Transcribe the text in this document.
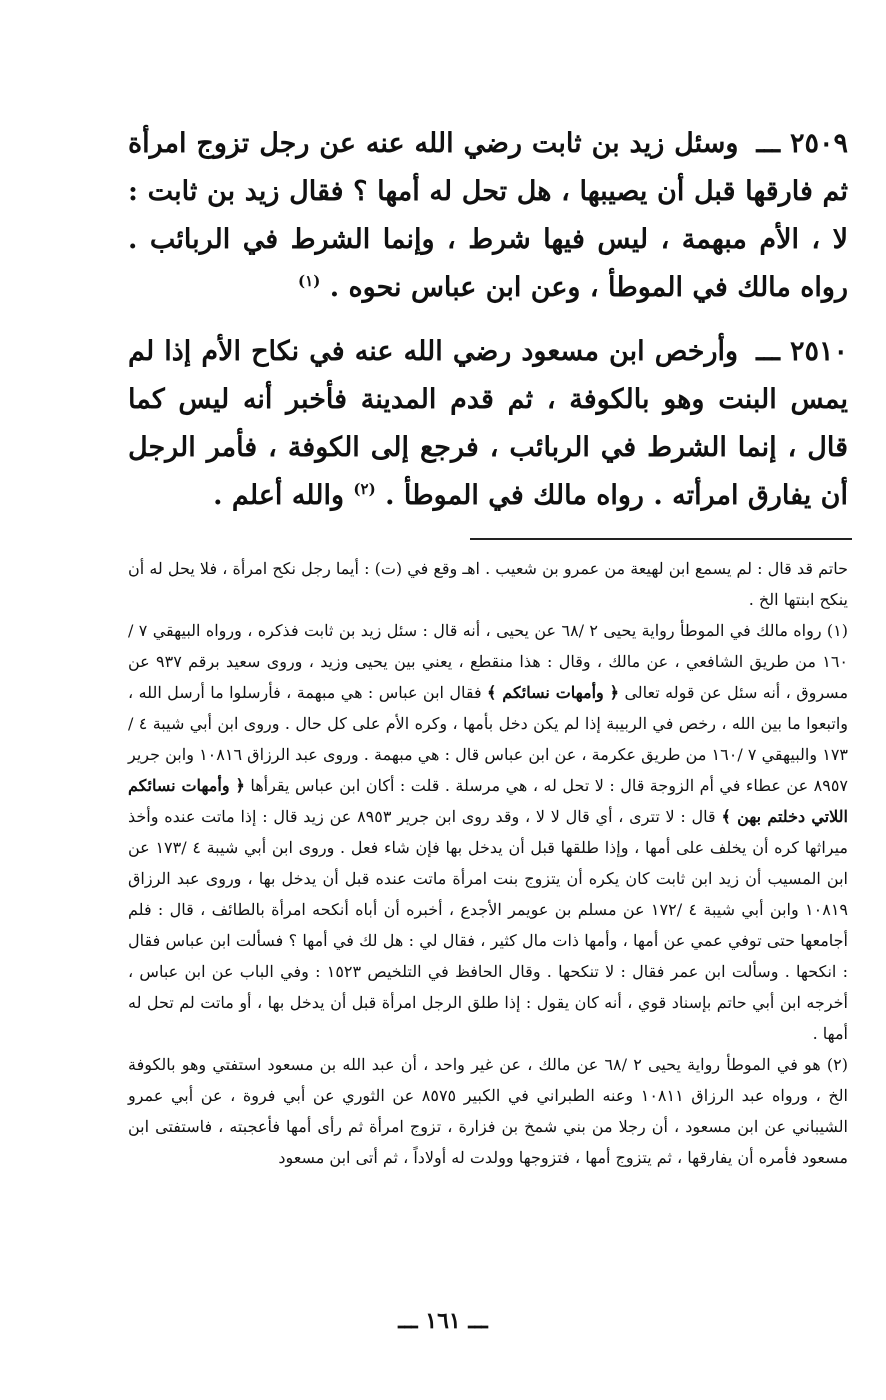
٢٥٠٩ ـــ وسئل زيد بن ثابت رضي الله عنه عن رجل تزوج امرأة ثم فارقها قبل أن يصيبها ، هل تحل له أمها ؟ فقال زيد بن ثابت : لا ، الأم مبهمة ، ليس فيها شرط ، وإنما الشرط في الربائب . رواه مالك في الموطأ ، وعن ابن عباس نحوه . $^{(١)}$

٢٥١٠ ـــ وأرخص ابن مسعود رضي الله عنه في نكاح الأم إذا لم يمس البنت وهو بالكوفة ، ثم قدم المدينة فأخبر أنه ليس كما قال ، إنما الشرط في الربائب ، فرجع إلى الكوفة ، فأمر الرجل أن يفارق امرأته . رواه مالك في الموطأ . $^{(٢)}$ والله أعلم .

حاتم قد قال : لم يسمع ابن لهيعة من عمرو بن شعيب . اهـ وقع في (ت) : أيما رجل نكح امرأة ، فلا يحل له أن ينكح ابنتها الخ .

(١) رواه مالك في الموطأ رواية يحيى ٢ /٦٨ عن يحيى ، أنه قال : سئل زيد بن ثابت فذكره ، ورواه البيهقي ٧ /١٦٠ من طريق الشافعي ، عن مالك ، وقال : هذا منقطع ، يعني بين يحيى وزيد ، وروى سعيد برقم ٩٣٧ عن مسروق ، أنه سئل عن قوله تعالى ﴿ وأمهات نسائكم ﴾ فقال ابن عباس : هي مبهمة ، فأرسلوا ما أرسل الله ، واتبعوا ما بين الله ، رخص في الربيبة إذا لم يكن دخل بأمها ، وكره الأم على كل حال . وروى ابن أبي شيبة ٤ /١٧٣ والبيهقي ٧ /١٦٠ من طريق عكرمة ، عن ابن عباس قال : هي مبهمة . وروى عبد الرزاق ١٠٨١٦ وابن جرير ٨٩٥٧ عن عطاء في أم الزوجة قال : لا تحل له ، هي مرسلة . قلت : أكان ابن عباس يقرأها ﴿ وأمهات نسائكم اللاتي دخلتم بهن ﴾ قال : لا تترى ، أي قال لا لا ، وقد روى ابن جرير ٨٩٥٣ عن زيد قال : إذا ماتت عنده وأخذ ميراثها كره أن يخلف على أمها ، وإذا طلقها قبل أن يدخل بها فإن شاء فعل . وروى ابن أبي شيبة ٤ /١٧٣ عن ابن المسيب أن زيد ابن ثابت كان يكره أن يتزوج بنت امرأة ماتت عنده قبل أن يدخل بها ، وروى عبد الرزاق ١٠٨١٩ وابن أبي شيبة ٤ /١٧٢ عن مسلم بن عويمر الأجدع ، أخبره أن أباه أنكحه امرأة بالطائف ، قال : فلم أجامعها حتى توفي عمي عن أمها ، وأمها ذات مال كثير ، فقال لي : هل لك في أمها ؟ فسألت ابن عباس فقال : انكحها . وسألت ابن عمر فقال : لا تنكحها . وقال الحافظ في التلخيص ١٥٢٣ : وفي الباب عن ابن عباس ، أخرجه ابن أبي حاتم بإسناد قوي ، أنه كان يقول : إذا طلق الرجل امرأة قبل أن يدخل بها ، أو ماتت لم تحل له أمها .

(٢) هو في الموطأ رواية يحيى ٢ /٦٨ عن مالك ، عن غير واحد ، أن عبد الله بن مسعود استفتي وهو بالكوفة الخ ، ورواه عبد الرزاق ١٠٨١١ وعنه الطبراني في الكبير ٨٥٧٥ عن الثوري عن أبي فروة ، عن أبي عمرو الشيباني عن ابن مسعود ، أن رجلا من بني شمخ بن فزارة ، تزوج امرأة ثم رأى أمها فأعجبته ، فاستفتى ابن مسعود فأمره أن يفارقها ، ثم يتزوج أمها ، فتزوجها وولدت له أولاداً ، ثم أتى ابن مسعود

ـــ ١٦١ ـــ
